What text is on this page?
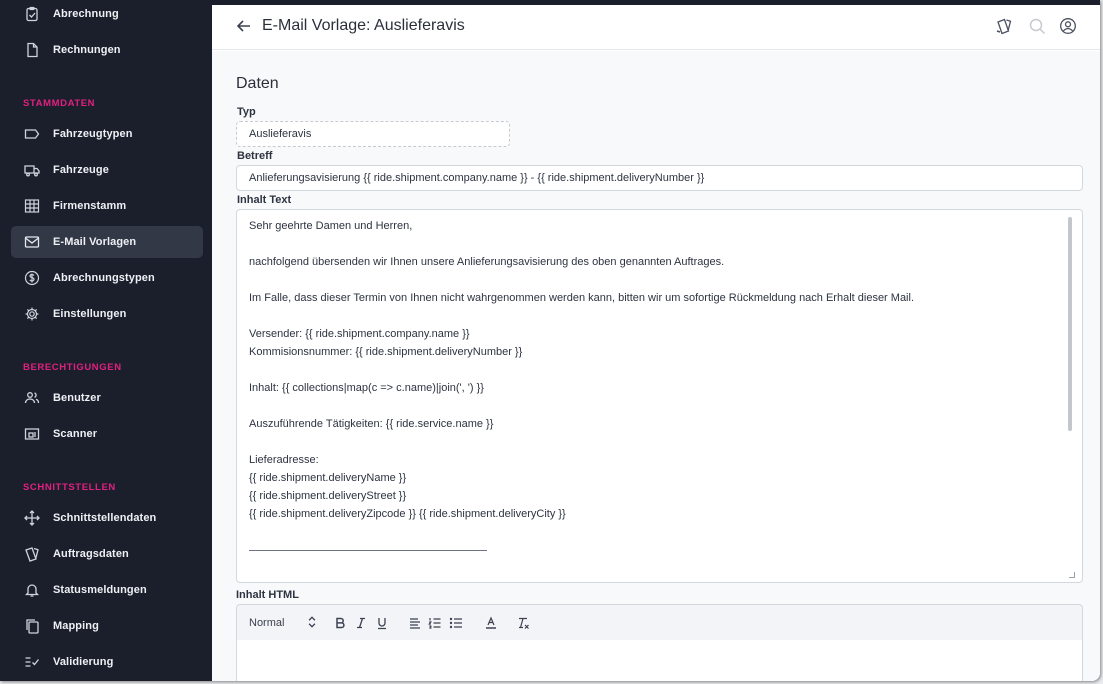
Abrechnung
Rechnungen
STAMMDATEN
Fahrzeugtypen
Fahrzeuge
Firmenstamm
E-Mail Vorlagen
Abrechnungstypen
Einstellungen
BERECHTIGUNGEN
Benutzer
Scanner
SCHNITTSTELLEN
Schnittstellendaten
Auftragsdaten
Statusmeldungen
Mapping
Validierung
E-Mail Vorlage: Auslieferavis
Daten
Typ
Auslieferavis
Betreff
Anlieferungsavisierung {{ ride.shipment.company.name }} - {{ ride.shipment.deliveryNumber }}
Inhalt Text
Sehr geehrte Damen und Herren,
nachfolgend übersenden wir Ihnen unsere Anlieferungsavisierung des oben genannten Auftrages.
Im Falle, dass dieser Termin von Ihnen nicht wahrgenommen werden kann, bitten wir um sofortige Rückmeldung nach Erhalt dieser Mail.
Versender: {{ ride.shipment.company.name }}
Kommisionsnummer: {{ ride.shipment.deliveryNumber }}
Inhalt: {{ collections|map(c => c.name)|join(', ') }}
Auszuführende Tätigkeiten: {{ ride.service.name }}
Lieferadresse:
{{ ride.shipment.deliveryName }}
{{ ride.shipment.deliveryStreet }}
{{ ride.shipment.deliveryZipcode }} {{ ride.shipment.deliveryCity }}
Inhalt HTML
Normal
